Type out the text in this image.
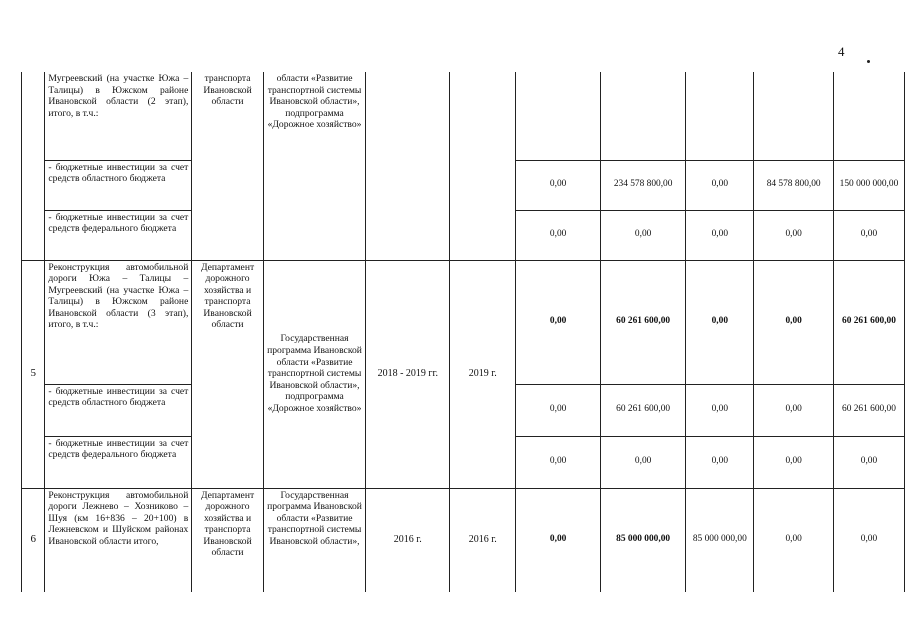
4
	Мугреевский (на участке Южа – Талицы) в Южском районе Ивановской области (2 этап), итого, в т.ч.:	транспорта Ивановской области	области «Развитие транспортной системы Ивановской области», подпрограмма «Дорожное хозяйство»							
	- бюджетные инвестиции за счет средств областного бюджета					0,00	234 578 800,00	0,00	84 578 800,00	150 000 000,00
	- бюджетные инвестиции за счет средств федерального бюджета					0,00	0,00	0,00	0,00	0,00
5	Реконструкция автомобильной дороги Южа – Талицы – Мугреевский (на участке Южа – Талицы) в Южском районе Ивановской области (3 этап), итого, в т.ч.:	Департамент дорожного хозяйства и транспорта Ивановской области	Государственная программа Ивановской области «Развитие транспортной системы Ивановской области», подпрограмма «Дорожное хозяйство»	2018 - 2019 гг.	2019 г.	0,00	60 261 600,00	0,00	0,00	60 261 600,00
	- бюджетные инвестиции за счет средств областного бюджета					0,00	60 261 600,00	0,00	0,00	60 261 600,00
	- бюджетные инвестиции за счет средств федерального бюджета					0,00	0,00	0,00	0,00	0,00
6	Реконструкция автомобильной дороги Лежнево – Хозниково – Шуя (км 16+836 – 20+100) в Лежневском и Шуйском районах Ивановской области итого,	Департамент дорожного хозяйства и транспорта Ивановской области	Государственная программа Ивановской области «Развитие транспортной системы Ивановской области»,	2016 г.	2016 г.	0,00	85 000 000,00	85 000 000,00	0,00	0,00
